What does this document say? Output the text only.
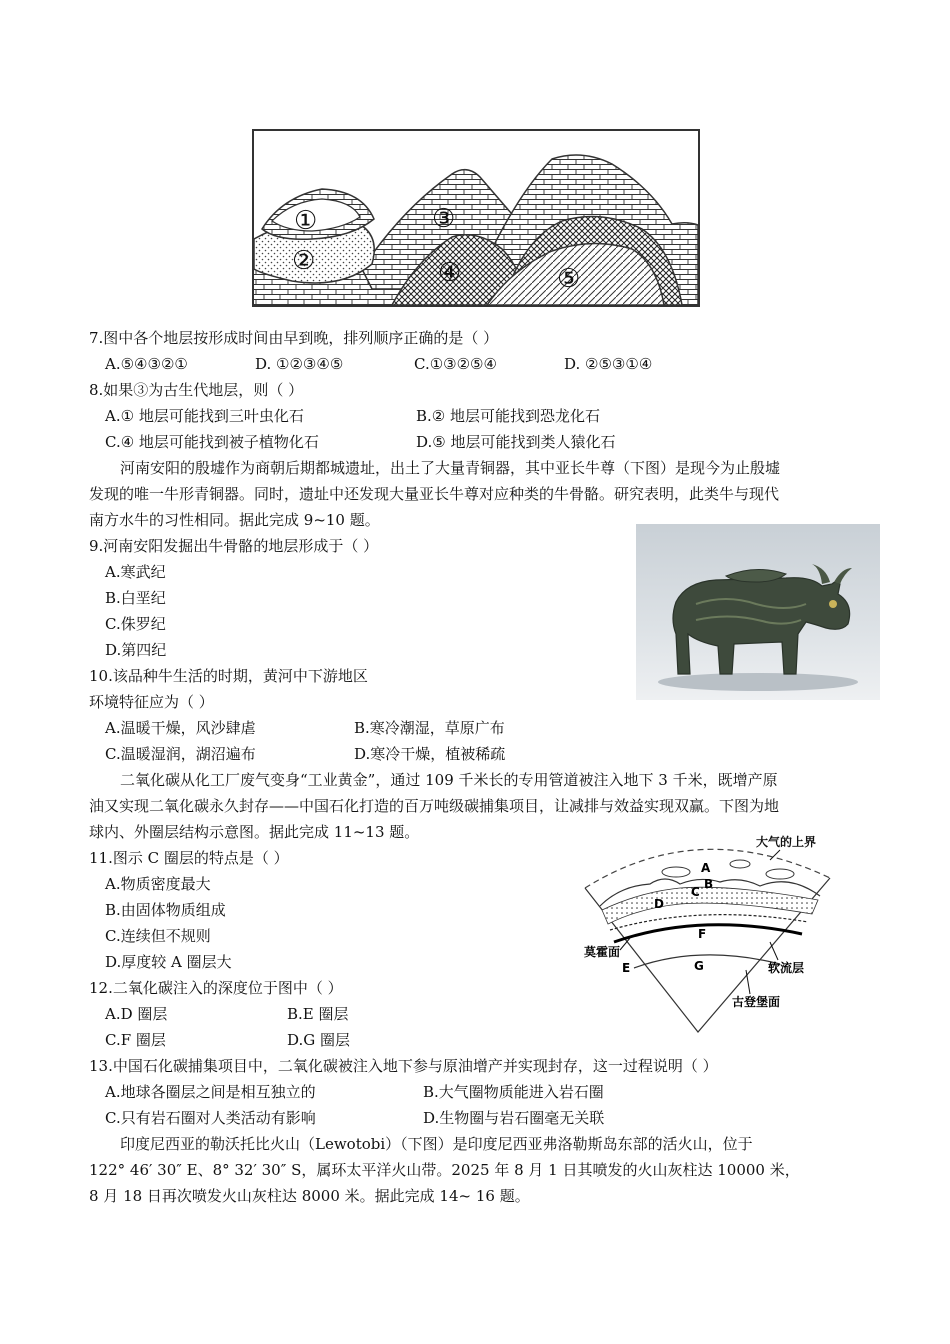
①
②
③
④	⑤
7.图中各个地层按形成时间由早到晚，排列顺序正确的是（ ）
A.⑤④③②①	D. ①②③④⑤	C.①③②⑤④	D. ②⑤③①④
8.如果③为古生代地层，则（ ）
A.① 地层可能找到三叶虫化石	B.② 地层可能找到恐龙化石
C.④ 地层可能找到被子植物化石	D.⑤ 地层可能找到类人猿化石
河南安阳的殷墟作为商朝后期都城遗址，出土了大量青铜器，其中亚长牛尊（下图）是现今为止殷墟
发现的唯一牛形青铜器。同时，遗址中还发现大量亚长牛尊对应种类的牛骨骼。研究表明，此类牛与现代
南方水牛的习性相同。据此完成 9~10 题。
9.河南安阳发掘出牛骨骼的地层形成于（ ）
A.寒武纪
B.白垩纪
C.侏罗纪
D.第四纪
10.该品种牛生活的时期，黄河中下游地区
环境特征应为（ ）
A.温暖干燥，风沙肆虐	B.寒冷潮湿，草原广布
C.温暖湿润，湖沼遍布	D.寒冷干燥，植被稀疏
二氧化碳从化工厂废气变身“工业黄金”，通过 109 千米长的专用管道被注入地下 3 千米，既增产原
油又实现二氧化碳永久封存——中国石化打造的百万吨级碳捕集项目，让减排与效益实现双赢。下图为地
球内、外圈层结构示意图。据此完成 11~13 题。
大气的上界
A
C
B
D
F
G
莫霍面
E	软流层
古登堡面
11.图示 C 圈层的特点是（ ）
A.物质密度最大
B.由固体物质组成
C.连续但不规则
D.厚度较 A 圈层大
12.二氧化碳注入的深度位于图中（ ）
A.D 圈层	B.E 圈层
C.F 圈层	D.G 圈层
13.中国石化碳捕集项目中，二氧化碳被注入地下参与原油增产并实现封存，这一过程说明（ ）
A.地球各圈层之间是相互独立的	B.大气圈物质能进入岩石圈
C.只有岩石圈对人类活动有影响	D.生物圈与岩石圈毫无关联
印度尼西亚的勒沃托比火山（Lewotobi）（下图）是印度尼西亚弗洛勒斯岛东部的活火山，位于
122° 46′ 30″ E、8° 32′ 30″ S，属环太平洋火山带。2025 年 8 月 1 日其喷发的火山灰柱达 10000 米，
8 月 18 日再次喷发火山灰柱达 8000 米。据此完成 14~ 16 题。
